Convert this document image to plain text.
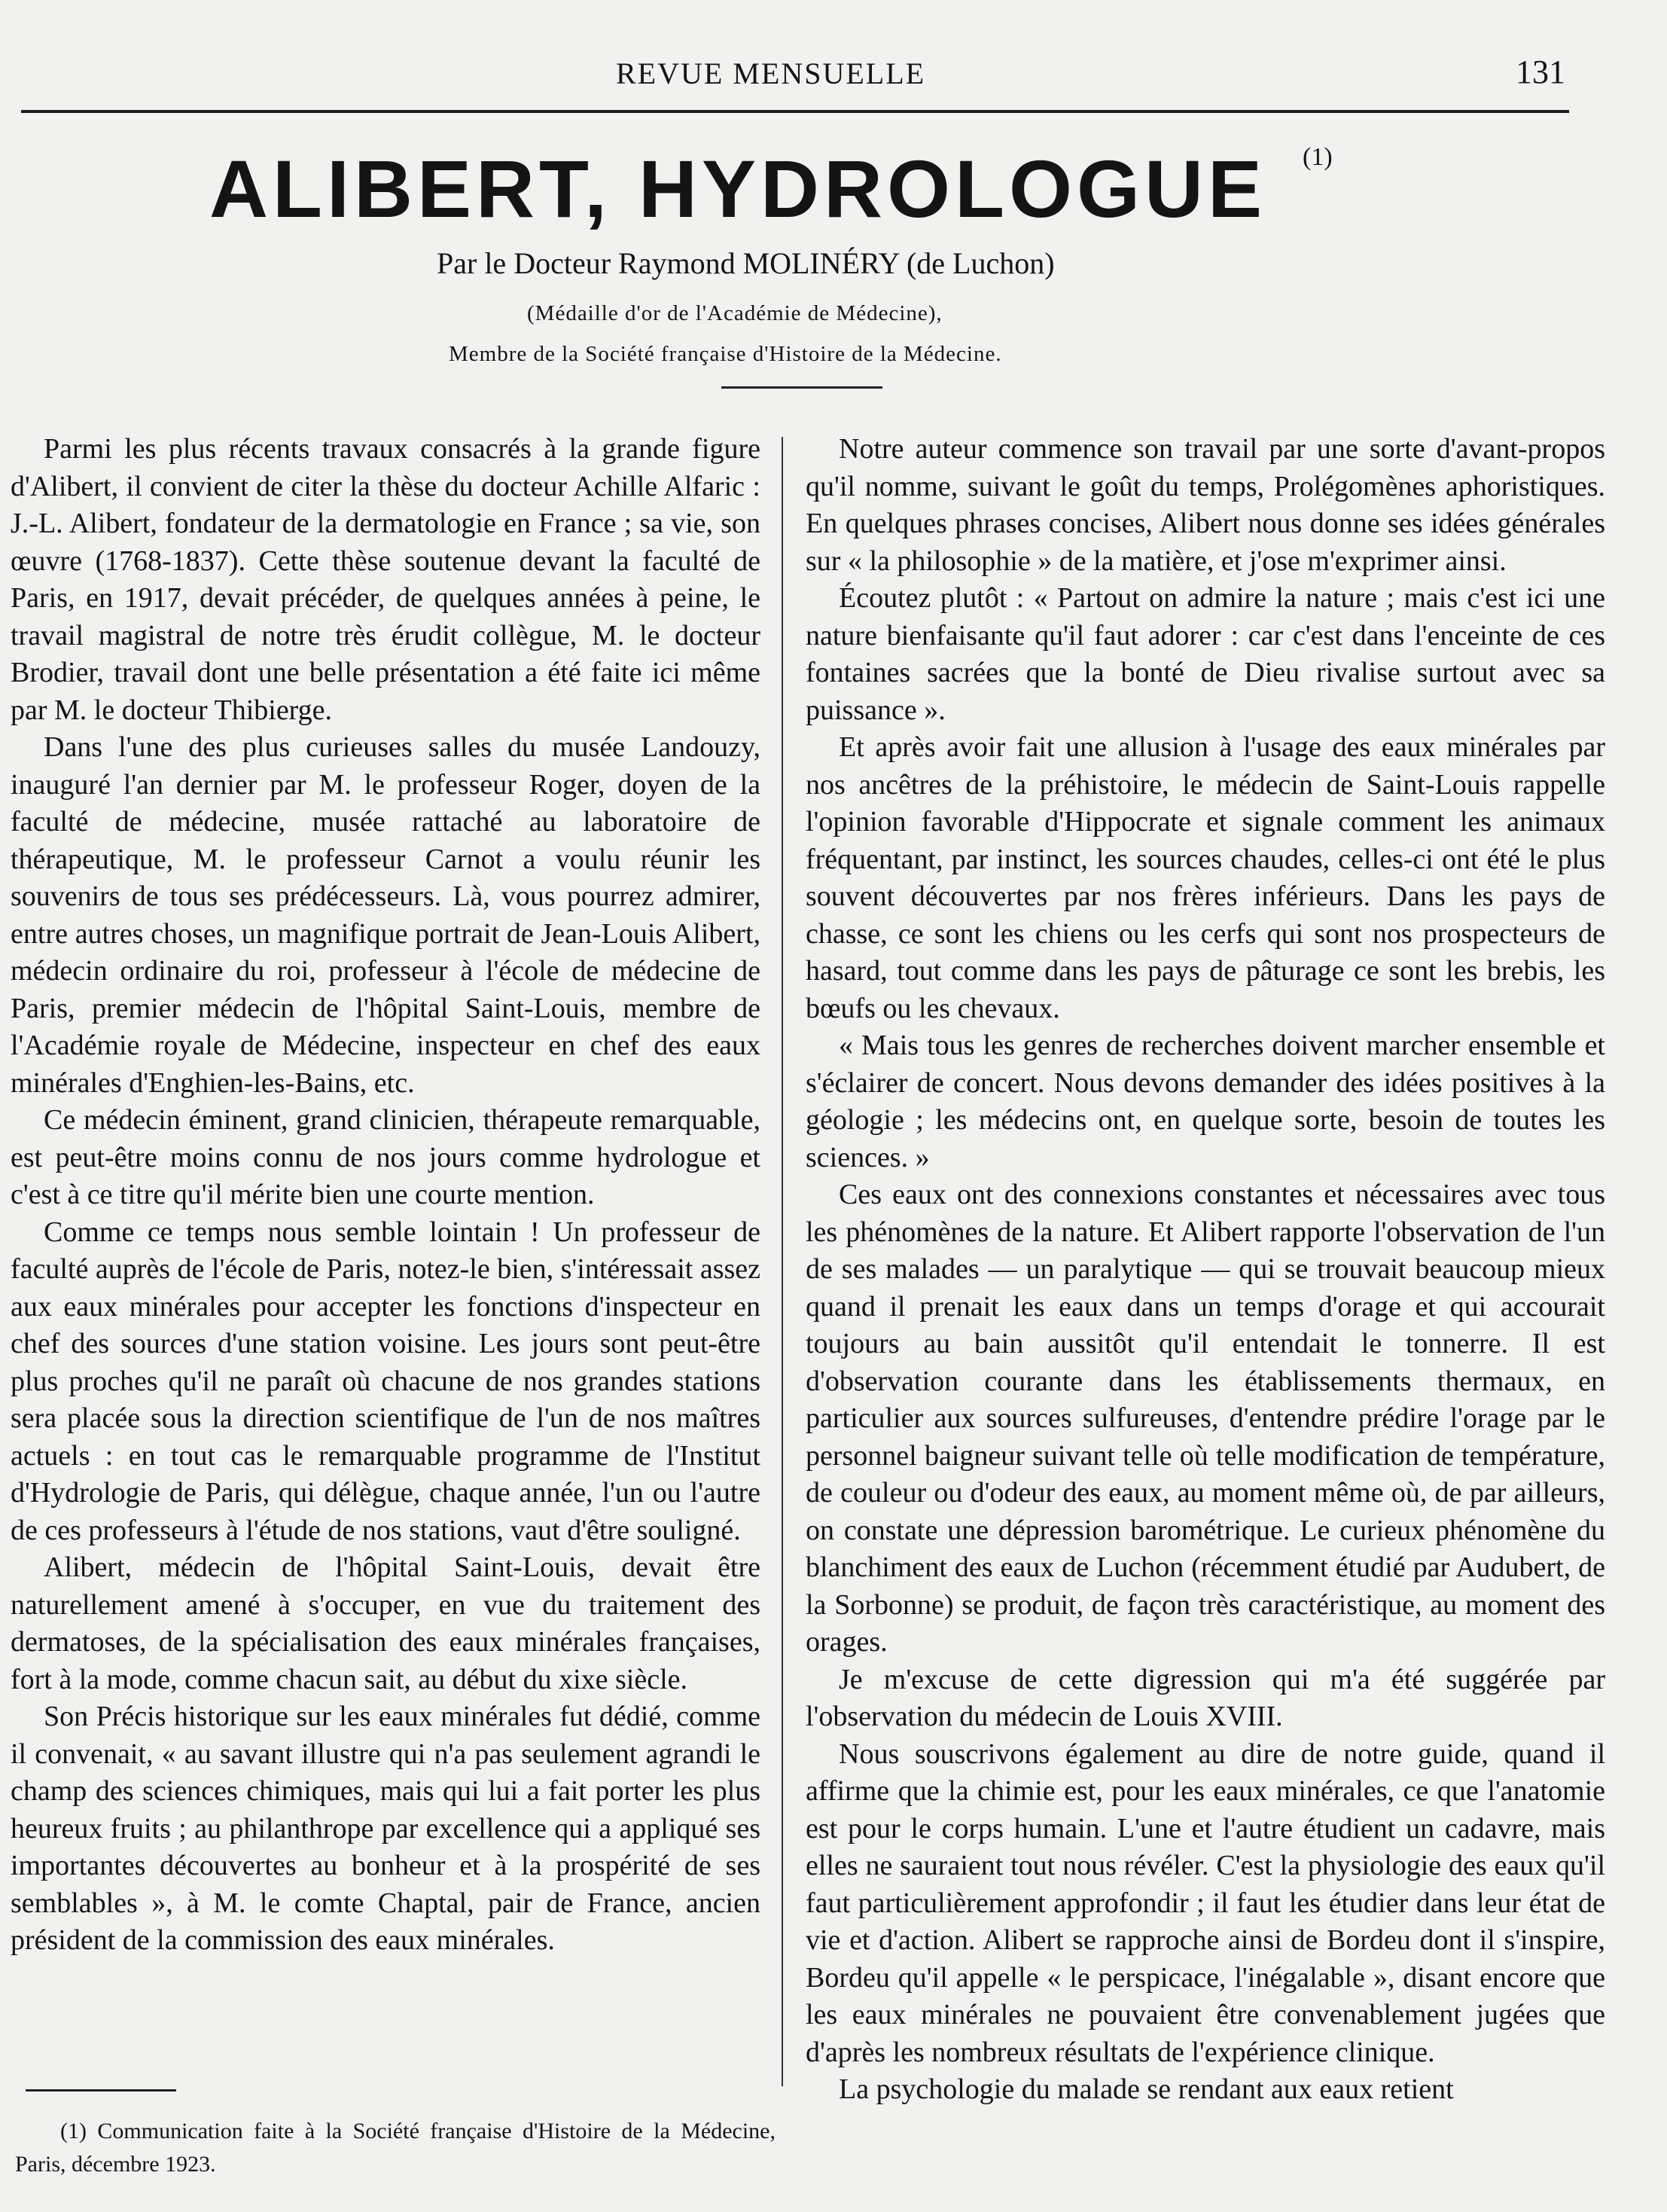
REVUE MENSUELLE	131
ALIBERT, HYDROLOGUE (1)
Par le Docteur Raymond MOLINÉRY (de Luchon)
(Médaille d'or de l'Académie de Médecine),
Membre de la Société française d'Histoire de la Médecine.

Parmi les plus récents travaux consacrés à la grande figure d'Alibert, il convient de citer la thèse du docteur Achille Alfaric : J.-L. Alibert, fondateur de la dermatologie en France ; sa vie, son œuvre (1768-1837). Cette thèse soutenue devant la faculté de Paris, en 1917, devait précéder, de quelques années à peine, le travail magistral de notre très érudit collègue, M. le docteur Brodier, travail dont une belle présentation a été faite ici même par M. le docteur Thibierge.

Dans l'une des plus curieuses salles du musée Landouzy, inauguré l'an dernier par M. le professeur Roger, doyen de la faculté de médecine, musée rattaché au laboratoire de thérapeutique, M. le professeur Carnot a voulu réunir les souvenirs de tous ses prédécesseurs. Là, vous pourrez admirer, entre autres choses, un magnifique portrait de Jean-Louis Alibert, médecin ordinaire du roi, professeur à l'école de médecine de Paris, premier médecin de l'hôpital Saint-Louis, membre de l'Académie royale de Médecine, inspecteur en chef des eaux minérales d'Enghien-les-Bains, etc.

Ce médecin éminent, grand clinicien, thérapeute remarquable, est peut-être moins connu de nos jours comme hydrologue et c'est à ce titre qu'il mérite bien une courte mention.

Comme ce temps nous semble lointain ! Un professeur de faculté auprès de l'école de Paris, notez-le bien, s'intéressait assez aux eaux minérales pour accepter les fonctions d'inspecteur en chef des sources d'une station voisine. Les jours sont peut-être plus proches qu'il ne paraît où chacune de nos grandes stations sera placée sous la direction scientifique de l'un de nos maîtres actuels : en tout cas le remarquable programme de l'Institut d'Hydrologie de Paris, qui délègue, chaque année, l'un ou l'autre de ces professeurs à l'étude de nos stations, vaut d'être souligné.

Alibert, médecin de l'hôpital Saint-Louis, devait être naturellement amené à s'occuper, en vue du traitement des dermatoses, de la spécialisation des eaux minérales françaises, fort à la mode, comme chacun sait, au début du xixe siècle.

Son Précis historique sur les eaux minérales fut dédié, comme il convenait, « au savant illustre qui n'a pas seulement agrandi le champ des sciences chimiques, mais qui lui a fait porter les plus heureux fruits ; au philanthrope par excellence qui a appliqué ses importantes découvertes au bonheur et à la prospérité de ses semblables », à M. le comte Chaptal, pair de France, ancien président de la commission des eaux minérales.

Notre auteur commence son travail par une sorte d'avant-propos qu'il nomme, suivant le goût du temps, Prolégomènes aphoristiques. En quelques phrases concises, Alibert nous donne ses idées générales sur « la philosophie » de la matière, et j'ose m'exprimer ainsi.

Écoutez plutôt : « Partout on admire la nature ; mais c'est ici une nature bienfaisante qu'il faut adorer : car c'est dans l'enceinte de ces fontaines sacrées que la bonté de Dieu rivalise surtout avec sa puissance ».

Et après avoir fait une allusion à l'usage des eaux minérales par nos ancêtres de la préhistoire, le médecin de Saint-Louis rappelle l'opinion favorable d'Hippocrate et signale comment les animaux fréquentant, par instinct, les sources chaudes, celles-ci ont été le plus souvent découvertes par nos frères inférieurs. Dans les pays de chasse, ce sont les chiens ou les cerfs qui sont nos prospecteurs de hasard, tout comme dans les pays de pâturage ce sont les brebis, les bœufs ou les chevaux.

« Mais tous les genres de recherches doivent marcher ensemble et s'éclairer de concert. Nous devons demander des idées positives à la géologie ; les médecins ont, en quelque sorte, besoin de toutes les sciences. »

Ces eaux ont des connexions constantes et nécessaires avec tous les phénomènes de la nature. Et Alibert rapporte l'observation de l'un de ses malades — un paralytique — qui se trouvait beaucoup mieux quand il prenait les eaux dans un temps d'orage et qui accourait toujours au bain aussitôt qu'il entendait le tonnerre. Il est d'observation courante dans les établissements thermaux, en particulier aux sources sulfureuses, d'entendre prédire l'orage par le personnel baigneur suivant telle où telle modification de température, de couleur ou d'odeur des eaux, au moment même où, de par ailleurs, on constate une dépression barométrique. Le curieux phénomène du blanchiment des eaux de Luchon (récemment étudié par Audubert, de la Sorbonne) se produit, de façon très caractéristique, au moment des orages.

Je m'excuse de cette digression qui m'a été suggérée par l'observation du médecin de Louis XVIII.

Nous souscrivons également au dire de notre guide, quand il affirme que la chimie est, pour les eaux minérales, ce que l'anatomie est pour le corps humain. L'une et l'autre étudient un cadavre, mais elles ne sauraient tout nous révéler. C'est la physiologie des eaux qu'il faut particulièrement approfondir ; il faut les étudier dans leur état de vie et d'action. Alibert se rapproche ainsi de Bordeu dont il s'inspire, Bordeu qu'il appelle « le perspicace, l'inégalable », disant encore que les eaux minérales ne pouvaient être convenablement jugées que d'après les nombreux résultats de l'expérience clinique.

La psychologie du malade se rendant aux eaux retient

(1) Communication faite à la Société française d'Histoire de la Médecine, Paris, décembre 1923.
